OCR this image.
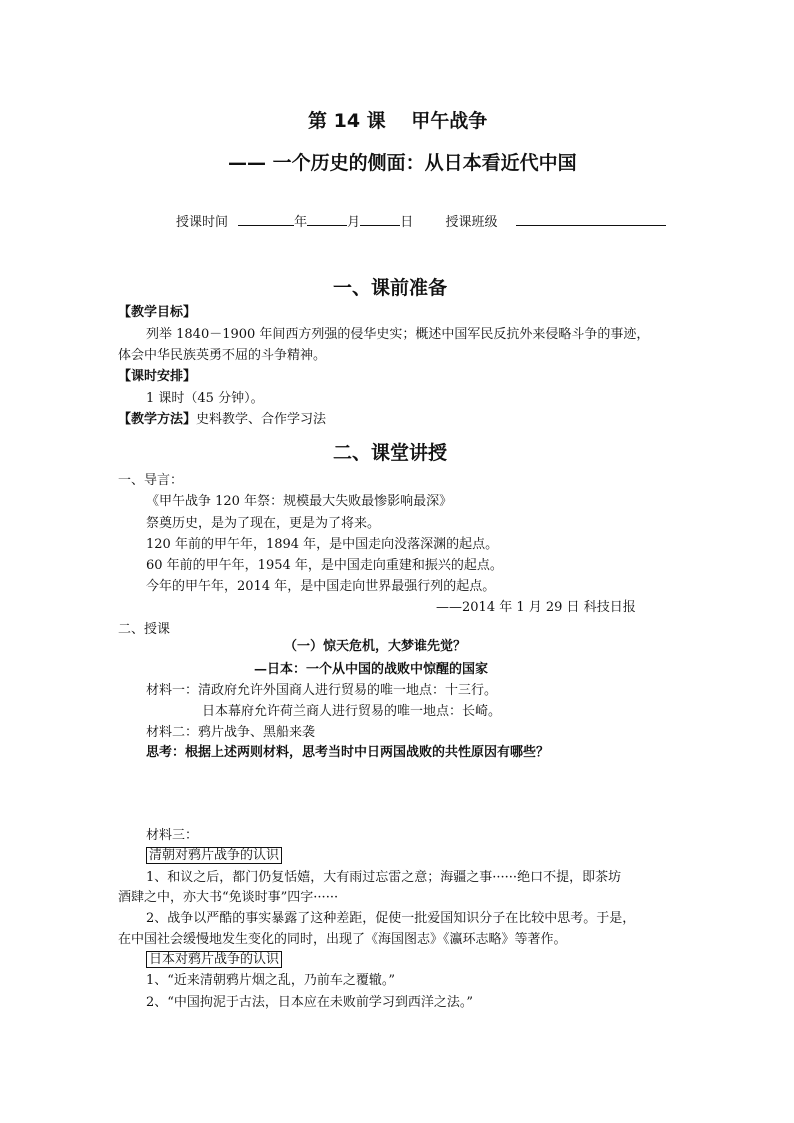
第 14 课　 甲午战争
—— 一个历史的侧面：从日本看近代中国
授课时间	年	月	日 授课班级
一、课前准备
【教学目标】
列举 1840－1900 年间西方列强的侵华史实；概述中国军民反抗外来侵略斗争的事迹，
体会中华民族英勇不屈的斗争精神。
【课时安排】
1 课时（45 分钟）。
【教学方法】史料教学、合作学习法
二、课堂讲授
一、导言：
《甲午战争 120 年祭：规模最大失败最惨影响最深》
祭奠历史，是为了现在，更是为了将来。
120 年前的甲午年，1894 年，是中国走向没落深渊的起点。
60 年前的甲午年，1954 年，是中国走向重建和振兴的起点。
今年的甲午年，2014 年，是中国走向世界最强行列的起点。
——2014 年 1 月 29 日 科技日报
二、授课
（一）惊天危机，大梦谁先觉？
—日本：一个从中国的战败中惊醒的国家
材料一：清政府允许外国商人进行贸易的唯一地点：十三行。
日本幕府允许荷兰商人进行贸易的唯一地点：长崎。
材料二：鸦片战争、黑船来袭
思考：根据上述两则材料，思考当时中日两国战败的共性原因有哪些？
材料三：
清朝对鸦片战争的认识
1、和议之后，都门仍复恬嬉，大有雨过忘雷之意；海疆之事······绝口不提，即茶坊
酒肆之中，亦大书“免谈时事”四字······
2、战争以严酷的事实暴露了这种差距，促使一批爱国知识分子在比较中思考。于是，
在中国社会缓慢地发生变化的同时，出现了《海国图志》《瀛环志略》等著作。
日本对鸦片战争的认识
1、“近来清朝鸦片烟之乱，乃前车之覆辙。”
2、“中国拘泥于古法，日本应在未败前学习到西洋之法。”
